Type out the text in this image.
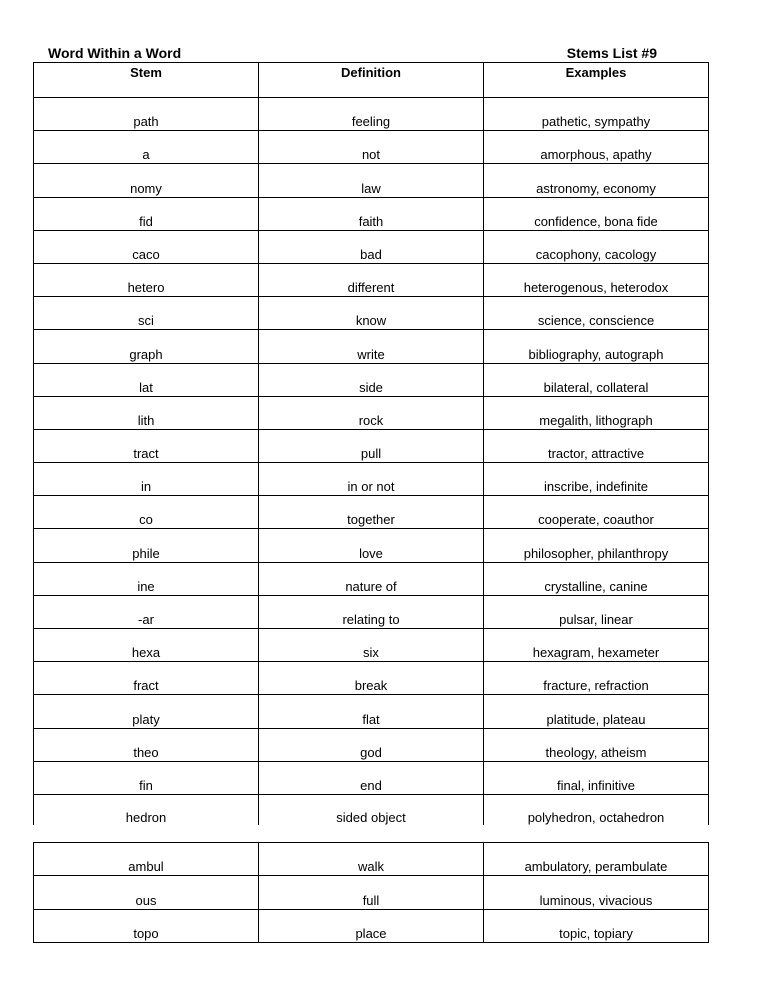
Word Within a Word	Stems List #9
Stem	Definition	Examples
path	feeling	pathetic, sympathy
a	not	amorphous, apathy
nomy	law	astronomy, economy
fid	faith	confidence, bona fide
caco	bad	cacophony, cacology
hetero	different	heterogenous, heterodox
sci	know	science, conscience
graph	write	bibliography, autograph
lat	side	bilateral, collateral
lith	rock	megalith, lithograph
tract	pull	tractor, attractive
in	in or not	inscribe, indefinite
co	together	cooperate, coauthor
phile	love	philosopher, philanthropy
ine	nature of	crystalline, canine
-ar	relating to	pulsar, linear
hexa	six	hexagram, hexameter
fract	break	fracture, refraction
platy	flat	platitude, plateau
theo	god	theology, atheism
fin	end	final, infinitive
hedron	sided object	polyhedron, octahedron
ambul	walk	ambulatory, perambulate
ous	full	luminous, vivacious
topo	place	topic, topiary
